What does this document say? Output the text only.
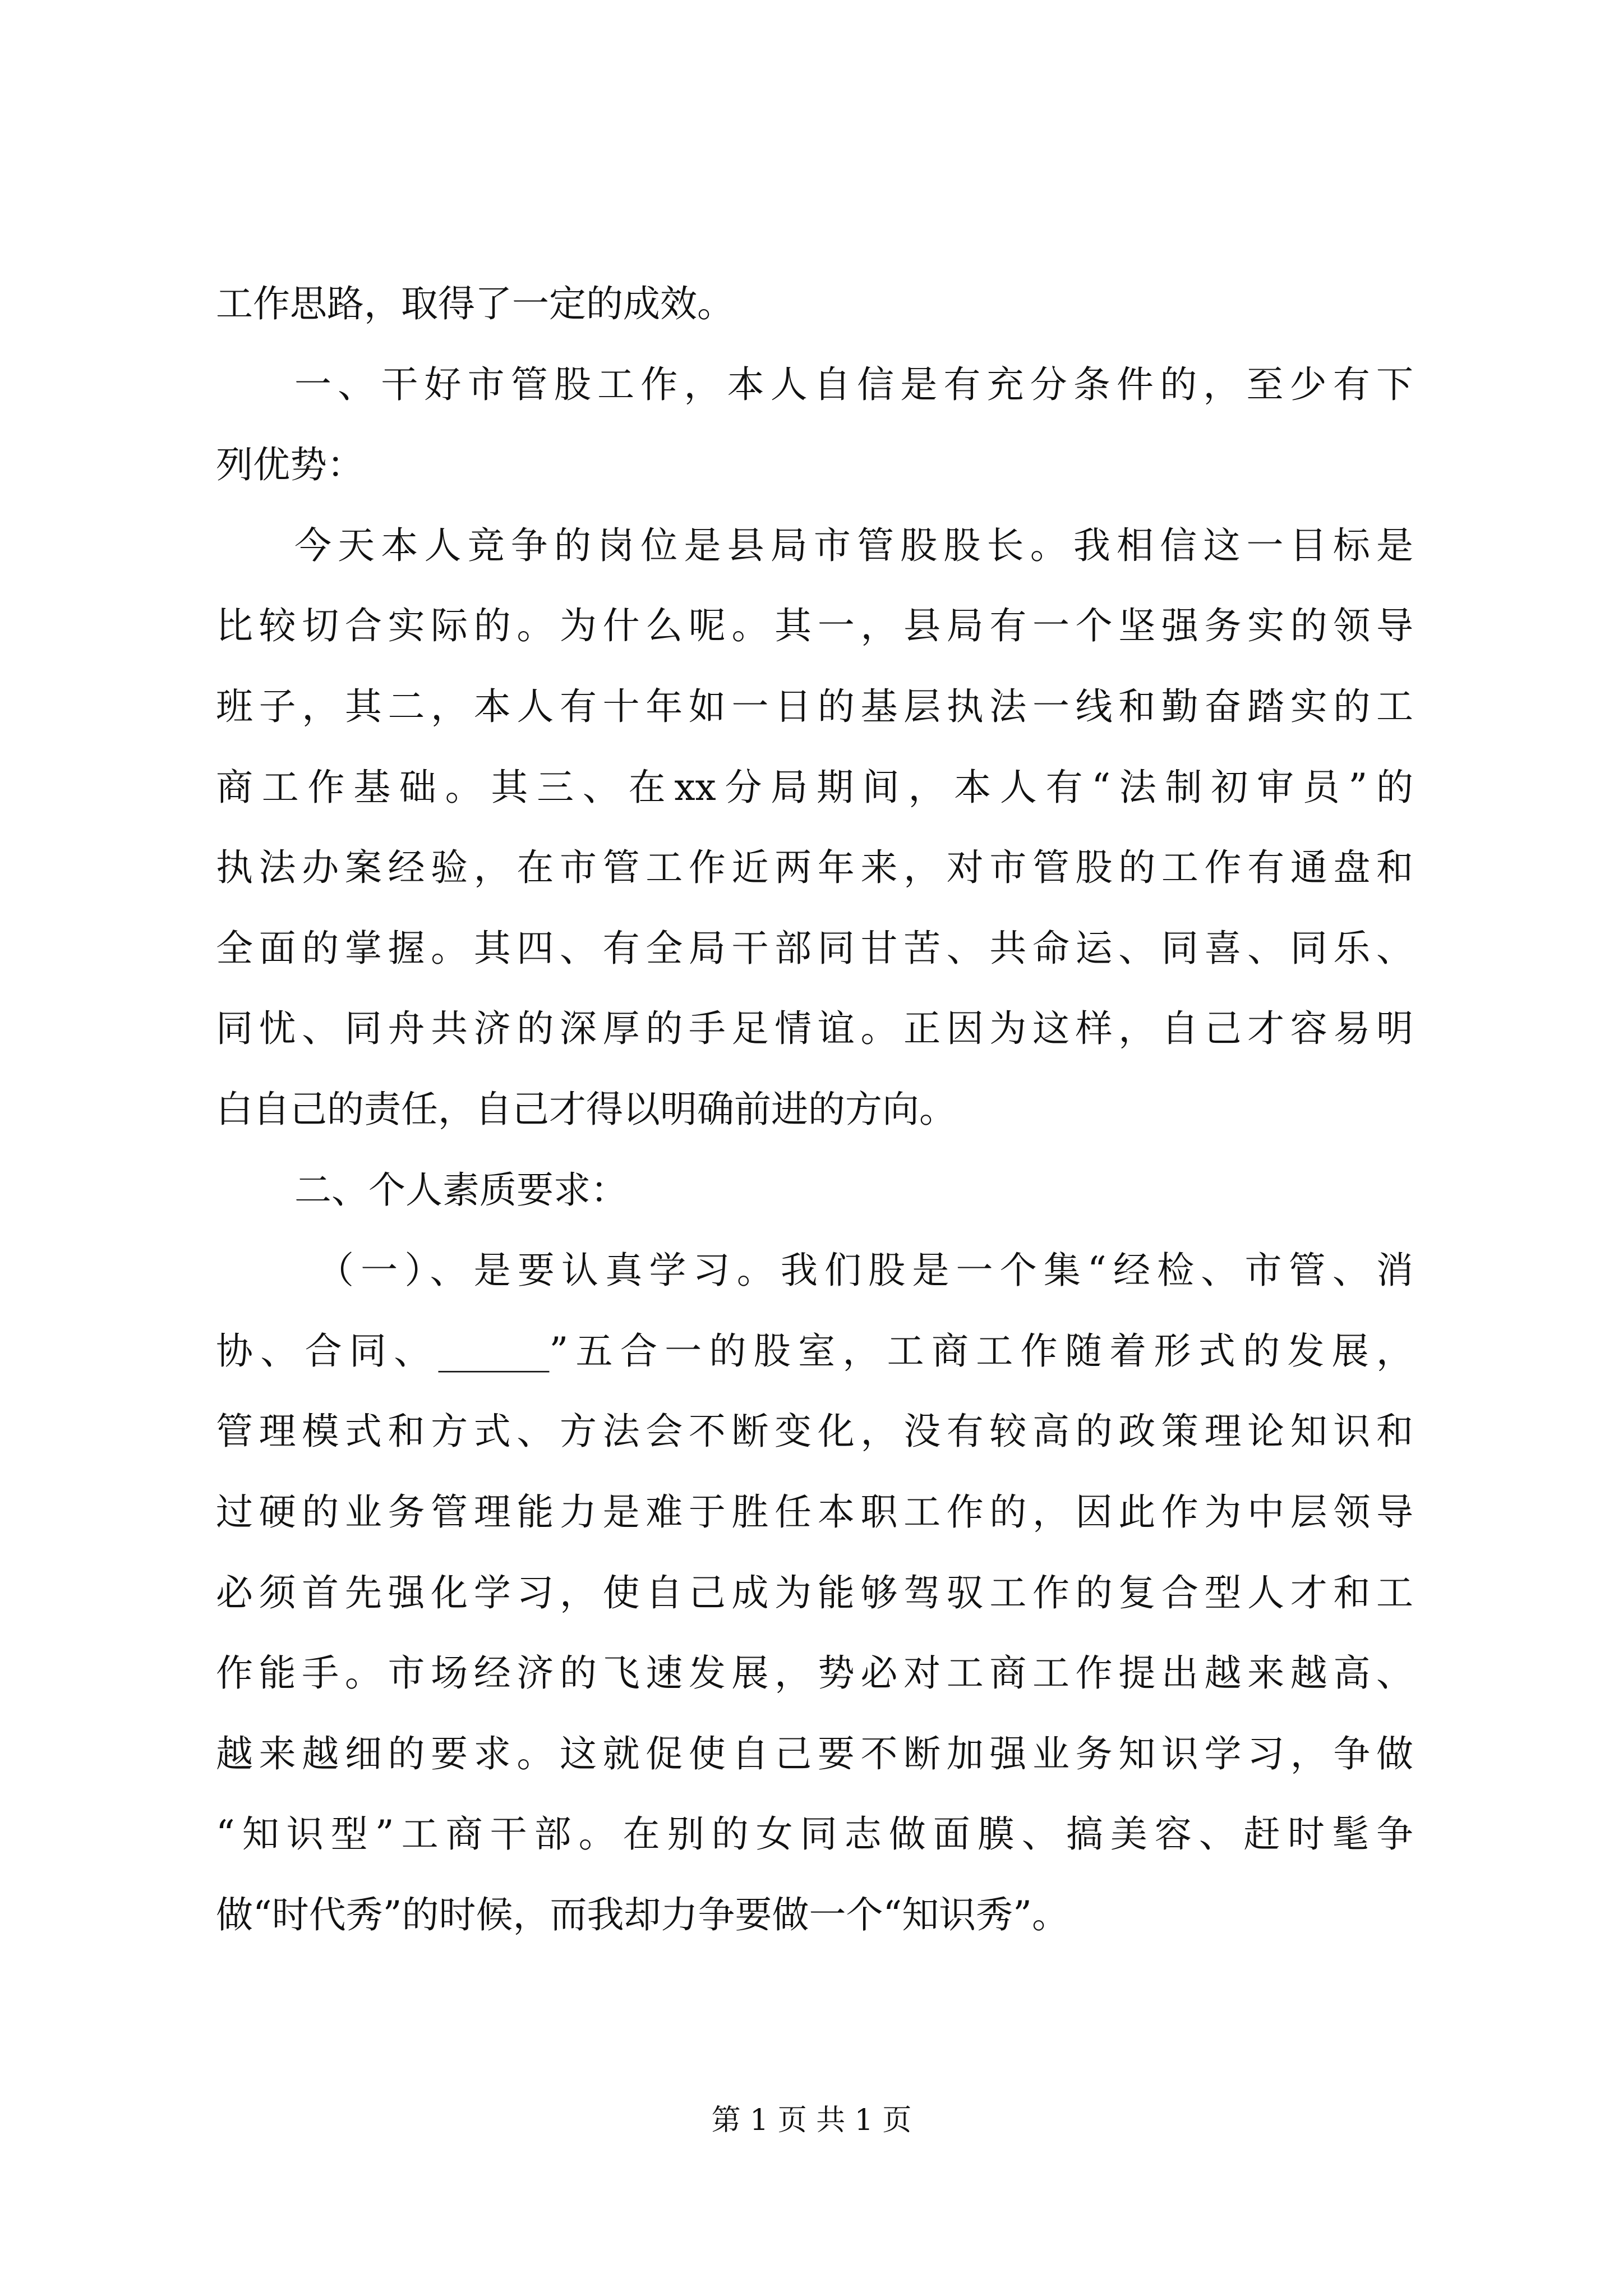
工作思路，取得了一定的成效。
一、干好市管股工作，本人自信是有充分条件的，至少有下
列优势：
今天本人竞争的岗位是县局市管股股长。我相信这一目标是
比较切合实际的。为什么呢。其一，县局有一个坚强务实的领导
班子，其二，本人有十年如一日的基层执法一线和勤奋踏实的工
商工作基础。其三、在xx分局期间，本人有“法制初审员”的
执法办案经验，在市管工作近两年来，对市管股的工作有通盘和
全面的掌握。其四、有全局干部同甘苦、共命运、同喜、同乐、
同忧、同舟共济的深厚的手足情谊。正因为这样，自己才容易明
白自己的责任，自己才得以明确前进的方向。
二、个人素质要求：
（一）、是要认真学习。我们股是一个集“经检、市管、消
协、合同、______”五合一的股室，工商工作随着形式的发展，
管理模式和方式、方法会不断变化，没有较高的政策理论知识和
过硬的业务管理能力是难于胜任本职工作的，因此作为中层领导
必须首先强化学习，使自己成为能够驾驭工作的复合型人才和工
作能手。市场经济的飞速发展，势必对工商工作提出越来越高、
越来越细的要求。这就促使自己要不断加强业务知识学习，争做
“知识型”工商干部。在别的女同志做面膜、搞美容、赶时髦争
做“时代秀”的时候，而我却力争要做一个“知识秀”。
第 1 页 共 1 页
